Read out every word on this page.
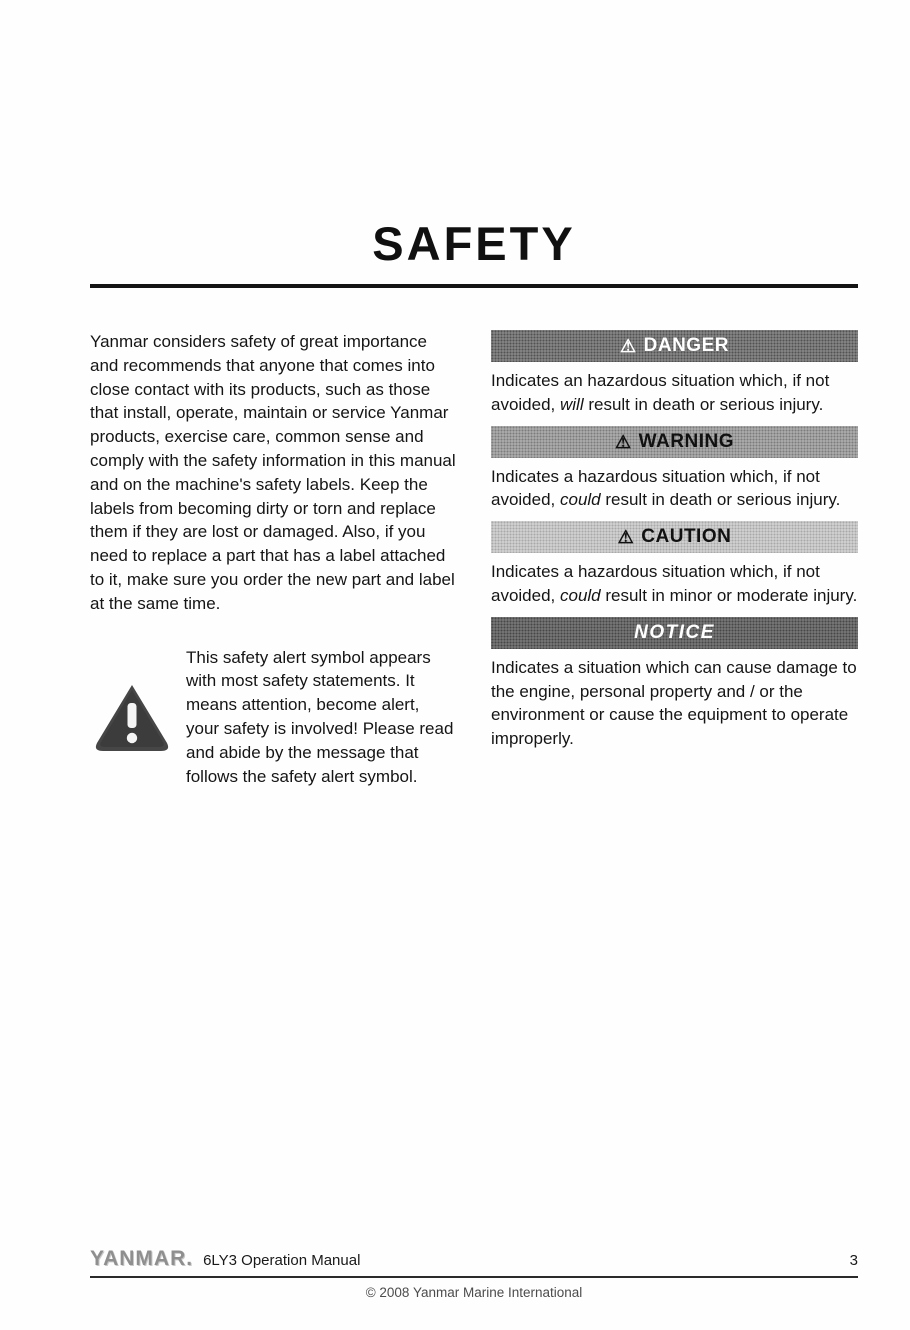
SAFETY

Yanmar considers safety of great importance and recommends that anyone that comes into close contact with its products, such as those that install, operate, maintain or service Yanmar products, exercise care, common sense and comply with the safety information in this manual and on the machine's safety labels. Keep the labels from becoming dirty or torn and replace them if they are lost or damaged. Also, if you need to replace a part that has a label attached to it, make sure you order the new part and label at the same time.

This safety alert symbol appears with most safety statements. It means attention, become alert, your safety is involved! Please read and abide by the message that follows the safety alert symbol.

⚠ DANGER

Indicates an hazardous situation which, if not avoided, will result in death or serious injury.

⚠ WARNING

Indicates a hazardous situation which, if not avoided, could result in death or serious injury.

⚠ CAUTION

Indicates a hazardous situation which, if not avoided, could result in minor or moderate injury.

NOTICE

Indicates a situation which can cause damage to the engine, personal property and / or the environment or cause the equipment to operate improperly.

YANMAR. 6LY3 Operation Manual	3
© 2008 Yanmar Marine International
